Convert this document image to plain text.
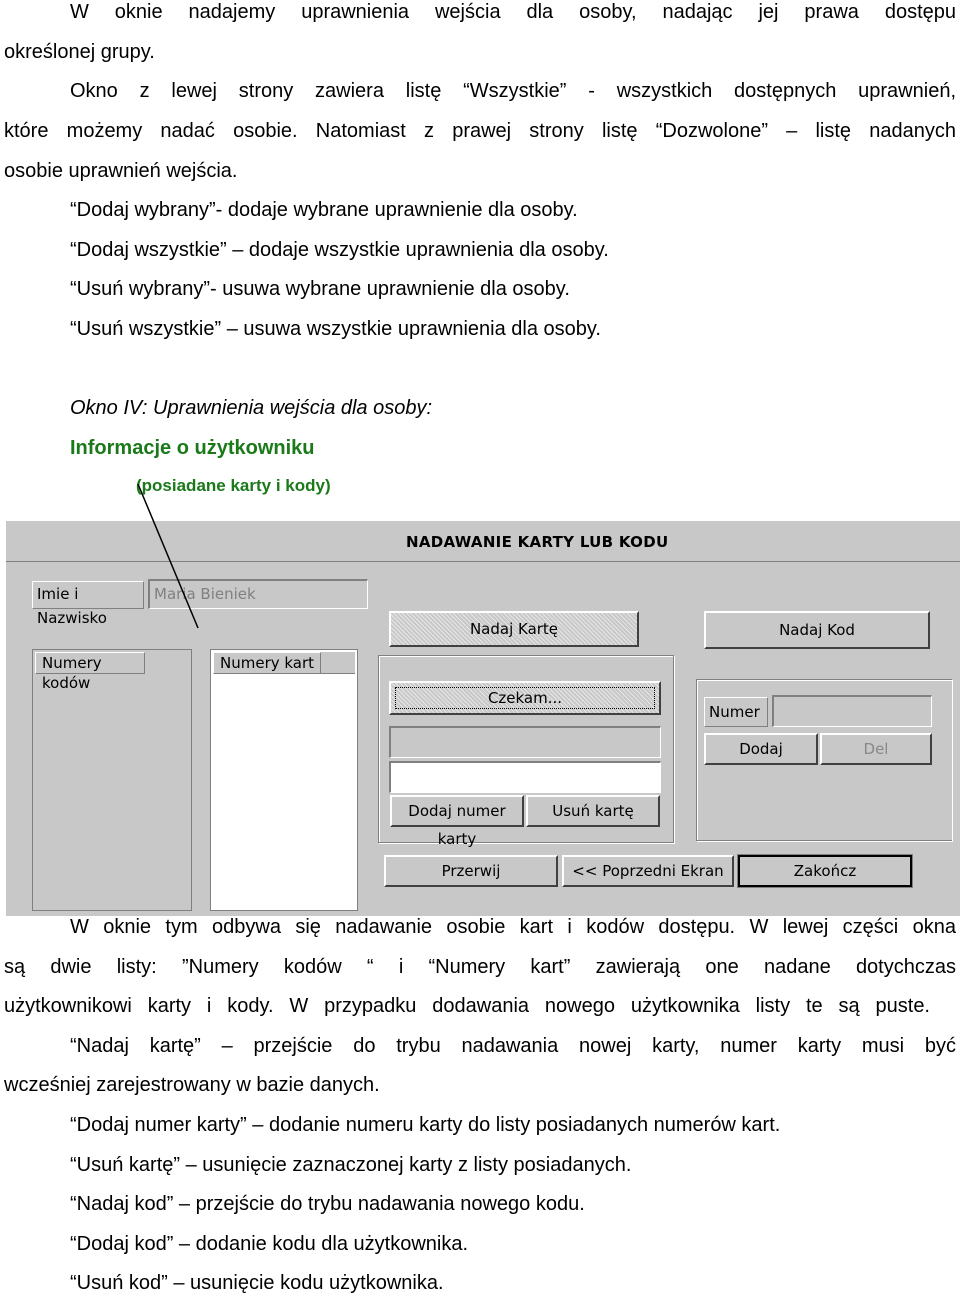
W oknie nadajemy uprawnienia wejścia dla osoby, nadając jej prawa dostępu
określonej grupy.
Okno z lewej strony zawiera listę “Wszystkie” - wszystkich dostępnych uprawnień,
które możemy nadać osobie. Natomiast z prawej strony listę “Dozwolone” – listę nadanych
osobie uprawnień wejścia.
“Dodaj wybrany”- dodaje wybrane uprawnienie dla osoby.
“Dodaj wszystkie” – dodaje wszystkie uprawnienia dla osoby.
“Usuń wybrany”- usuwa wybrane uprawnienie dla osoby.
“Usuń wszystkie” – usuwa wszystkie uprawnienia dla osoby.
Okno IV: Uprawnienia wejścia dla osoby:
Informacje o użytkowniku
(posiadane karty i kody)
NADAWANIE KARTY LUB KODU
Imie i Nazwisko
Maria Bieniek
Numery kodów
Numery kart
Nadaj Kartę	Nadaj Kod
Czekam...
Dodaj numer karty
Usuń kartę
Numer
Dodaj	Del
Przerwij	<< Poprzedni Ekran	Zakończ
W oknie tym odbywa się nadawanie osobie kart i kodów dostępu. W lewej części okna
są dwie listy: ”Numery kodów “ i “Numery kart” zawierają one nadane dotychczas
użytkownikowi karty i kody. W przypadku dodawania nowego użytkownika listy te są puste.
“Nadaj kartę” – przejście do trybu nadawania nowej karty, numer karty musi być
wcześniej zarejestrowany w bazie danych.
“Dodaj numer karty” – dodanie numeru karty do listy posiadanych numerów kart.
“Usuń kartę” – usunięcie zaznaczonej karty z listy posiadanych.
“Nadaj kod” – przejście do trybu nadawania nowego kodu.
“Dodaj kod” – dodanie kodu dla użytkownika.
“Usuń kod” – usunięcie kodu użytkownika.
